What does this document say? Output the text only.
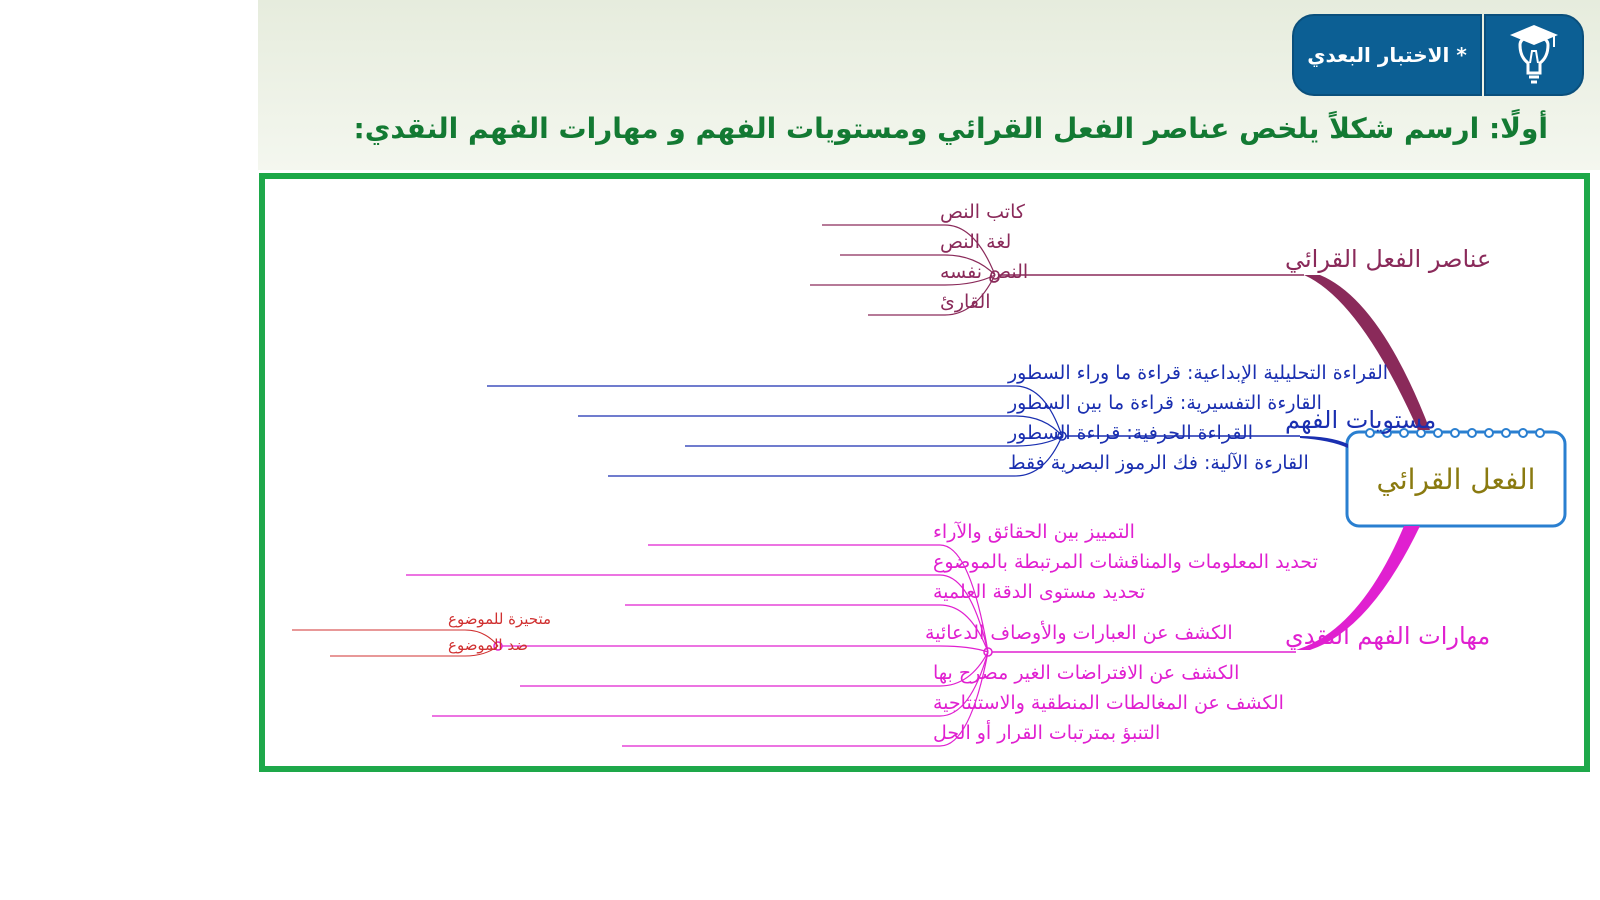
* الاختبار البعدي
أولًا: ارسم شكلاً يلخص عناصر الفعل القرائي ومستويات الفهم و مهارات الفهم النقدي:
الفعل القرائي
عناصر الفعل القرائي
كاتب النص
لغة النص
النص نفسه
القارئ
مستويات الفهم
القراءة التحليلية الإبداعية: قراءة ما وراء السطور
القارءة التفسيرية: قراءة ما بين السطور
القراءة الحرفية: قراءة السطور
القارءة الآلية: فك الرموز البصرية فقط
مهارات الفهم النقدي
التمييز بين الحقائق والآراء
تحديد المعلومات والمناقشات المرتبطة بالموضوع
تحديد مستوى الدقة العلمية
الكشف عن العبارات والأوصاف الدعائية
الكشف عن الافتراضات الغير مصرح بها
الكشف عن المغالطات المنطقية والاستنتاجية
التنبؤ بمترتبات القرار أو الحل
متحيزة للموضوع
ضد الموضوع
